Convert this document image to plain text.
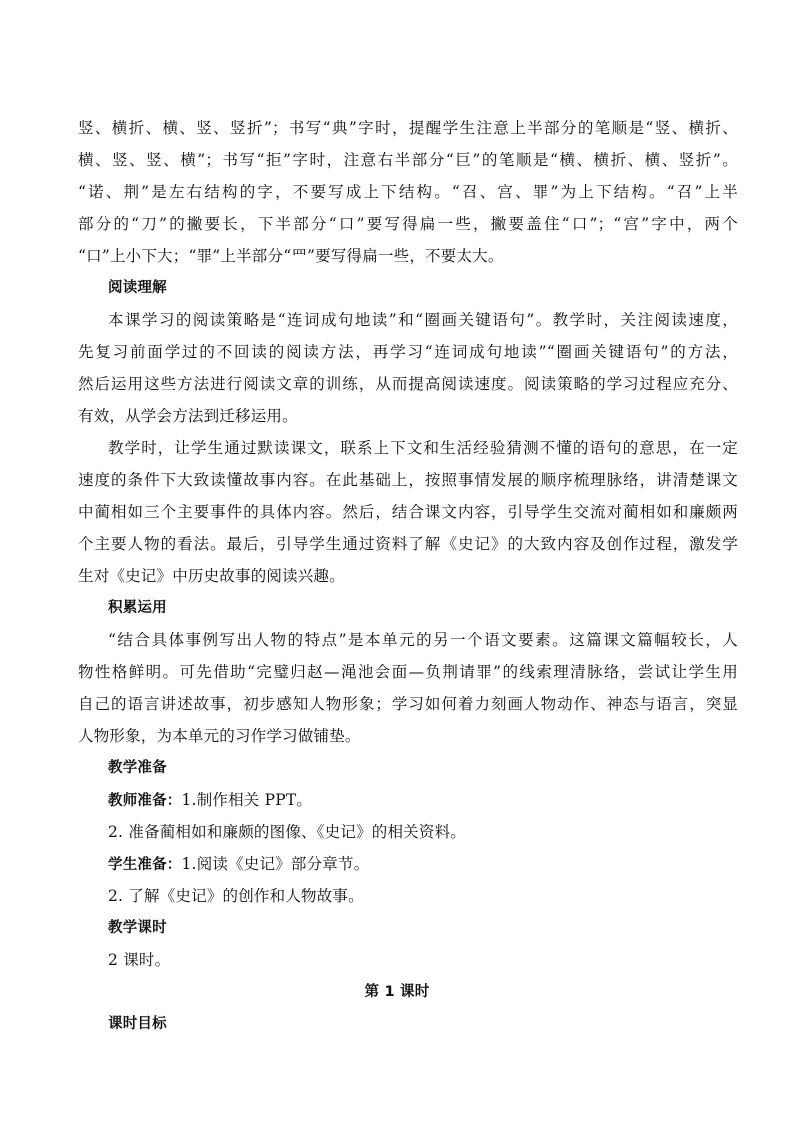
竖、横折、横、竖、竖折”；书写“典”字时，提醒学生注意上半部分的笔顺是“竖、横折、
横、竖、竖、横”；书写“拒”字时，注意右半部分“巨”的笔顺是“横、横折、横、竖折”。
“诺、荆”是左右结构的字，不要写成上下结构。“召、宫、罪”为上下结构。“召”上半
部分的“刀”的撇要长，下半部分“口”要写得扁一些，撇要盖住“口”；“宫”字中，两个
“口”上小下大；“罪”上半部分“罒”要写得扁一些，不要太大。
阅读理解
本课学习的阅读策略是“连词成句地读”和“圈画关键语句”。教学时，关注阅读速度，
先复习前面学过的不回读的阅读方法，再学习“连词成句地读”“圈画关键语句”的方法，
然后运用这些方法进行阅读文章的训练，从而提高阅读速度。阅读策略的学习过程应充分、
有效，从学会方法到迁移运用。
教学时，让学生通过默读课文，联系上下文和生活经验猜测不懂的语句的意思，在一定
速度的条件下大致读懂故事内容。在此基础上，按照事情发展的顺序梳理脉络，讲清楚课文
中蔺相如三个主要事件的具体内容。然后，结合课文内容，引导学生交流对蔺相如和廉颇两
个主要人物的看法。最后，引导学生通过资料了解《史记》的大致内容及创作过程，激发学
生对《史记》中历史故事的阅读兴趣。
积累运用
“结合具体事例写出人物的特点”是本单元的另一个语文要素。这篇课文篇幅较长，人
物性格鲜明。可先借助“完璧归赵—渑池会面—负荆请罪”的线索理清脉络，尝试让学生用
自己的语言讲述故事，初步感知人物形象；学习如何着力刻画人物动作、神态与语言，突显
人物形象，为本单元的习作学习做铺垫。
教学准备
教师准备：1.制作相关 PPT。
2. 准备蔺相如和廉颇的图像、《史记》的相关资料。
学生准备：1.阅读《史记》部分章节。
2. 了解《史记》的创作和人物故事。
教学课时
2 课时。
第 1 课时
课时目标
